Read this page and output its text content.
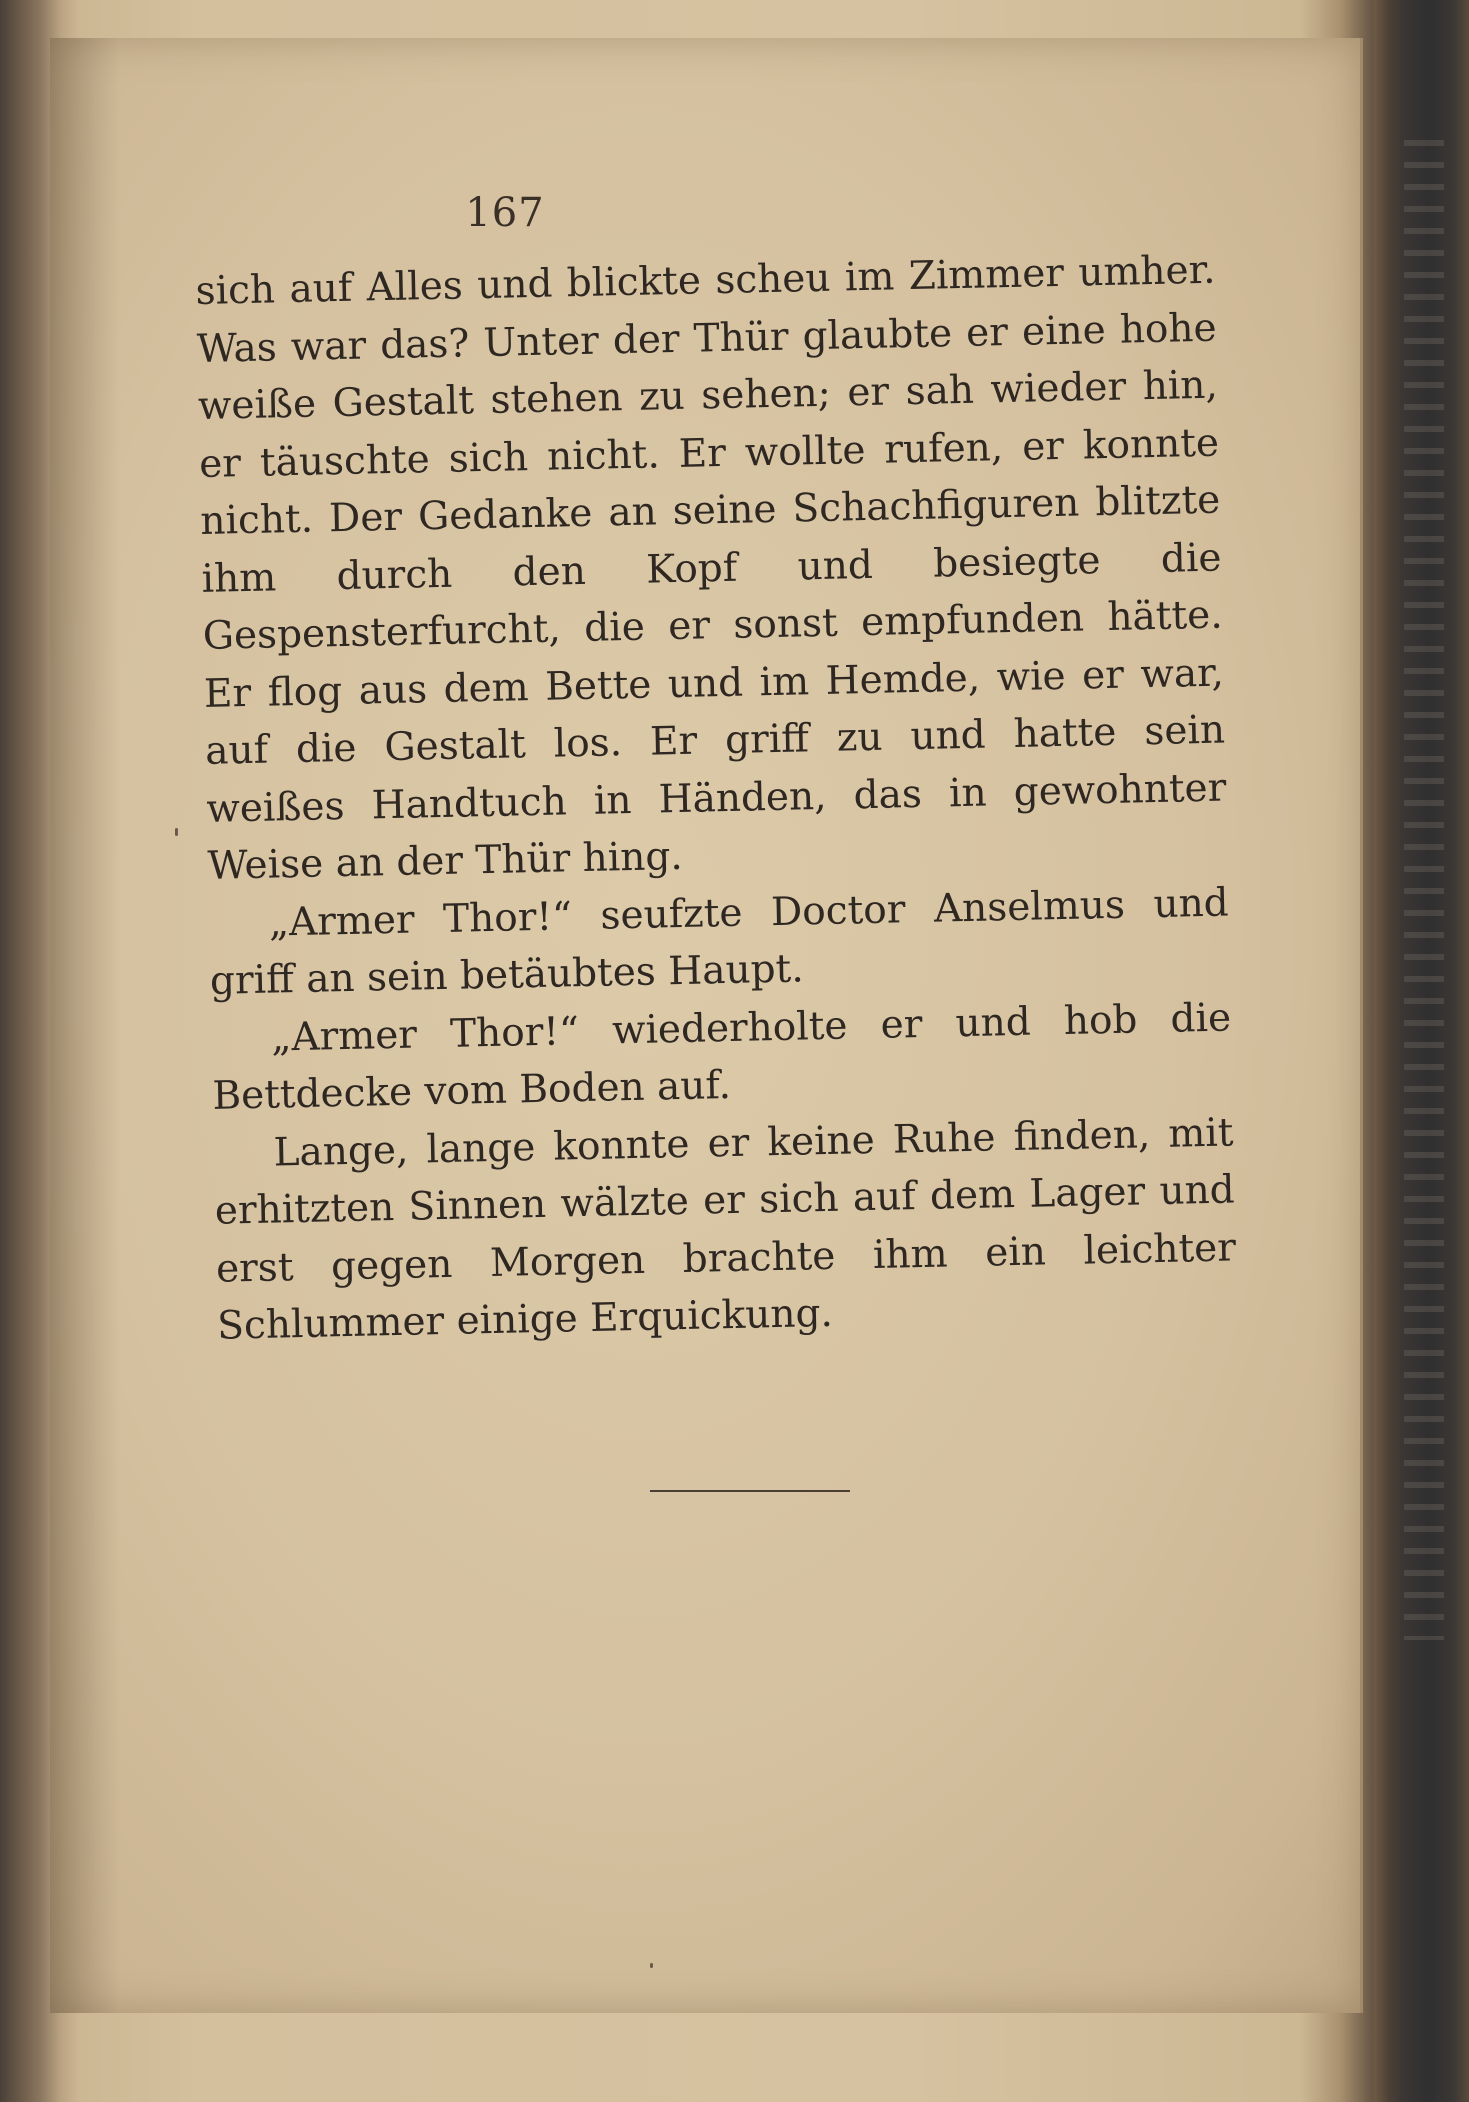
167

sich auf Alles und blickte scheu im Zimmer umher. Was war das? Unter der Thür glaubte er eine hohe weiße Gestalt stehen zu sehen; er sah wieder hin, er täuschte sich nicht. Er wollte rufen, er konnte nicht. Der Gedanke an seine Schachfiguren blitzte ihm durch den Kopf und besiegte die Gespensterfurcht, die er sonst empfunden hätte. Er flog aus dem Bette und im Hemde, wie er war, auf die Gestalt los. Er griff zu und hatte sein weißes Handtuch in Händen, das in gewohnter Weise an der Thür hing.

„Armer Thor!“ seufzte Doctor Anselmus und griff an sein betäubtes Haupt.

„Armer Thor!“ wiederholte er und hob die Bettdecke vom Boden auf.

Lange, lange konnte er keine Ruhe finden, mit erhitzten Sinnen wälzte er sich auf dem Lager und erst gegen Morgen brachte ihm ein leichter Schlummer einige Erquickung.
